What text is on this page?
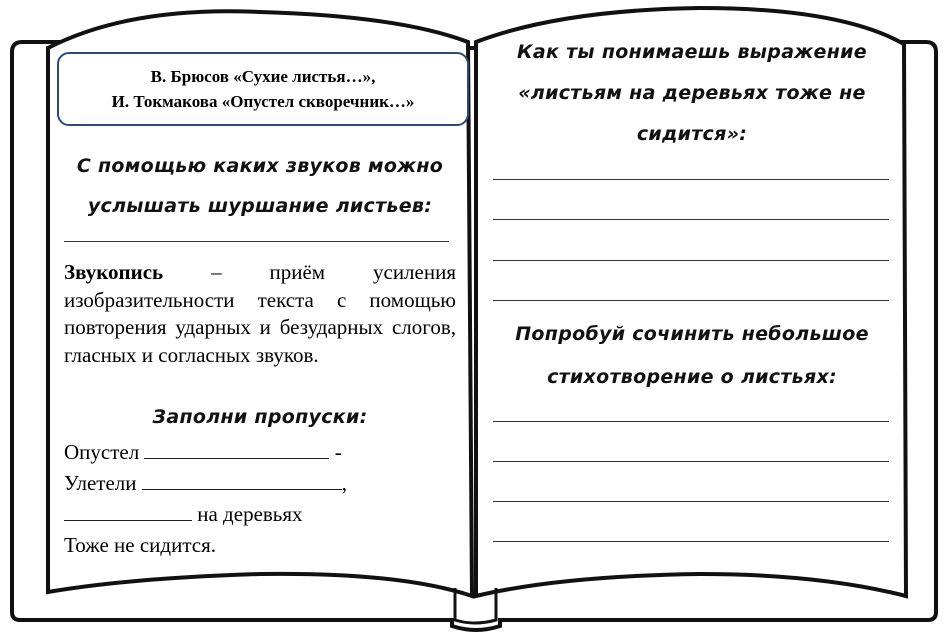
В. Брюсов «Сухие листья…»,
И. Токмакова «Опустел скворечник…»
С помощью каких звуков можно
услышать шуршание листьев:
Звукопись – приём усиления изобразительности текста с помощью повторения ударных и безударных слогов, гласных и согласных звуков.
Заполни пропуски:
Опустел	-
Улетели	,
на деревьях
Тоже не сидится.
Как ты понимаешь выражение
«листьям на деревьях тоже не
сидится»:
Попробуй сочинить небольшое
стихотворение о листьях:
